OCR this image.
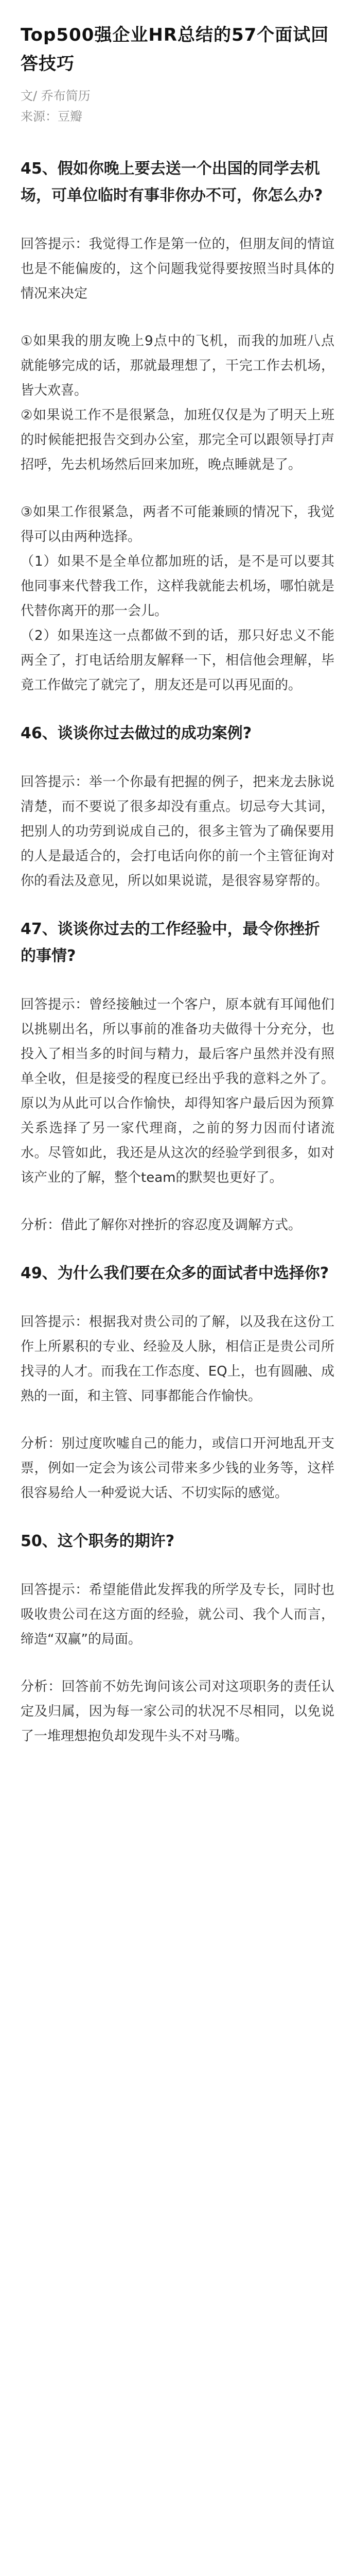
Top500强企业HR总结的57个面试回答技巧
文/ 乔布简历
来源：豆瓣
45、假如你晚上要去送一个出国的同学去机场，可单位临时有事非你办不可，你怎么办?

回答提示：我觉得工作是第一位的，但朋友间的情谊也是不能偏废的，这个问题我觉得要按照当时具体的情况来决定

①如果我的朋友晚上9点中的飞机，而我的加班八点就能够完成的话，那就最理想了，干完工作去机场，皆大欢喜。

②如果说工作不是很紧急，加班仅仅是为了明天上班的时候能把报告交到办公室，那完全可以跟领导打声招呼，先去机场然后回来加班，晚点睡就是了。

③如果工作很紧急，两者不可能兼顾的情况下，我觉得可以由两种选择。

（1）如果不是全单位都加班的话，是不是可以要其他同事来代替我工作，这样我就能去机场，哪怕就是代替你离开的那一会儿。

（2）如果连这一点都做不到的话，那只好忠义不能两全了，打电话给朋友解释一下，相信他会理解，毕竟工作做完了就完了，朋友还是可以再见面的。

46、谈谈你过去做过的成功案例?

回答提示：举一个你最有把握的例子，把来龙去脉说清楚，而不要说了很多却没有重点。切忌夸大其词，把别人的功劳到说成自己的，很多主管为了确保要用的人是最适合的，会打电话向你的前一个主管征询对你的看法及意见，所以如果说谎，是很容易穿帮的。

47、谈谈你过去的工作经验中，最令你挫折的事情?

回答提示：曾经接触过一个客户，原本就有耳闻他们以挑剔出名，所以事前的准备功夫做得十分充分，也投入了相当多的时间与精力，最后客户虽然并没有照单全收，但是接受的程度已经出乎我的意料之外了。原以为从此可以合作愉快，却得知客户最后因为预算关系选择了另一家代理商，之前的努力因而付诸流水。尽管如此，我还是从这次的经验学到很多，如对该产业的了解，整个team的默契也更好了。

分析：借此了解你对挫折的容忍度及调解方式。

49、为什么我们要在众多的面试者中选择你?

回答提示：根据我对贵公司的了解，以及我在这份工作上所累积的专业、经验及人脉，相信正是贵公司所找寻的人才。而我在工作态度、EQ上，也有圆融、成熟的一面，和主管、同事都能合作愉快。

分析：别过度吹嘘自己的能力，或信口开河地乱开支票，例如一定会为该公司带来多少钱的业务等，这样很容易给人一种爱说大话、不切实际的感觉。

50、这个职务的期许?

回答提示：希望能借此发挥我的所学及专长，同时也吸收贵公司在这方面的经验，就公司、我个人而言，缔造“双赢”的局面。

分析：回答前不妨先询问该公司对这项职务的责任认定及归属，因为每一家公司的状况不尽相同，以免说了一堆理想抱负却发现牛头不对马嘴。
